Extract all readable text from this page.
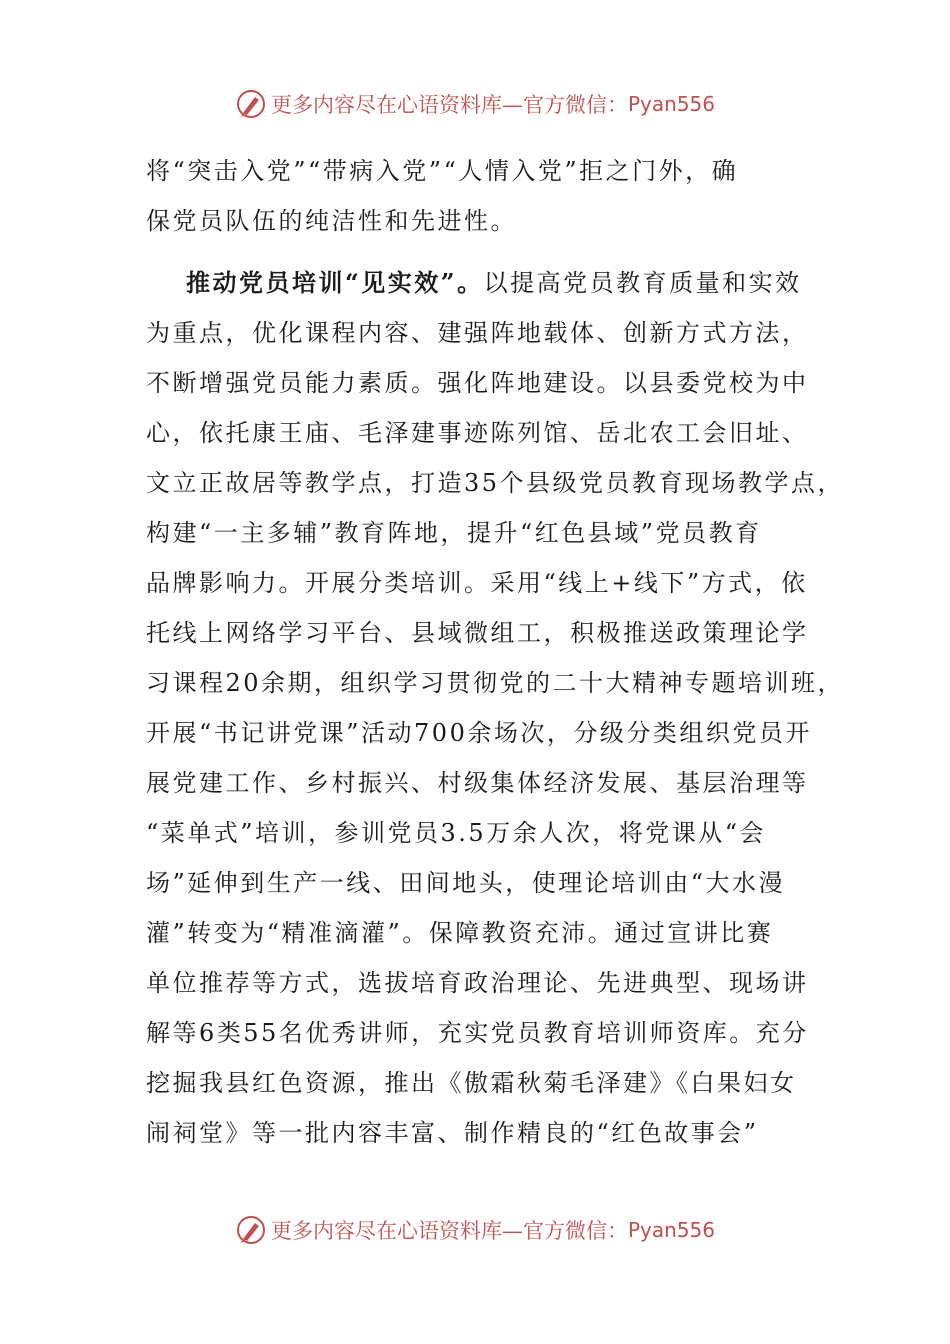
更多内容尽在心语资料库—官方微信： Pyan556
将“突击入党”“带病入党”“人情入党”拒之门外，确
保党员队伍的纯洁性和先进性。
推动党员培训“见实效”。以提高党员教育质量和实效
为重点，优化课程内容、建强阵地载体、创新方式方法，
不断增强党员能力素质。强化阵地建设。以县委党校为中
心，依托康王庙、毛泽建事迹陈列馆、岳北农工会旧址、
文立正故居等教学点，打造35个县级党员教育现场教学点，
构建“一主多辅”教育阵地，提升“红色县域”党员教育
品牌影响力。开展分类培训。采用“线上+线下”方式，依
托线上网络学习平台、县域微组工，积极推送政策理论学
习课程20余期，组织学习贯彻党的二十大精神专题培训班，
开展“书记讲党课”活动700余场次，分级分类组织党员开
展党建工作、乡村振兴、村级集体经济发展、基层治理等
“菜单式”培训，参训党员3.5万余人次，将党课从“会
场”延伸到生产一线、田间地头，使理论培训由“大水漫
灌”转变为“精准滴灌”。保障教资充沛。通过宣讲比赛
单位推荐等方式，选拔培育政治理论、先进典型、现场讲
解等6类55名优秀讲师，充实党员教育培训师资库。充分
挖掘我县红色资源，推出《傲霜秋菊毛泽建》《白果妇女
闹祠堂》等一批内容丰富、制作精良的“红色故事会”
更多内容尽在心语资料库—官方微信： Pyan556
